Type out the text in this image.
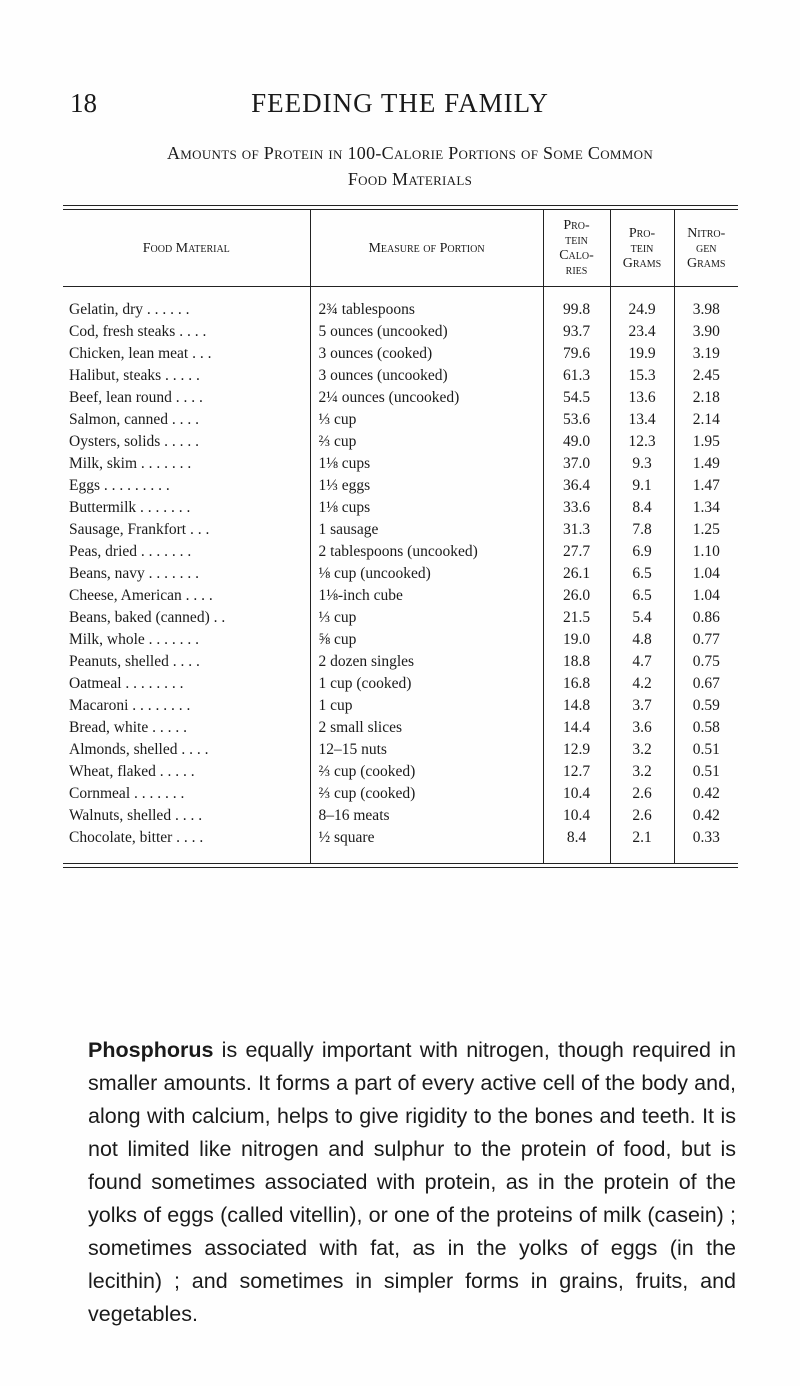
18	FEEDING THE FAMILY
Amounts of Protein in 100-Calorie Portions of Some Common
Food Materials
Food Material	Measure of Portion	Pro-
tein
Calo-
ries	Pro-
tein
Grams	Nitro-
gen
Grams

Gelatin, dry . . . . . .	2¾ tablespoons	99.8	24.9	3.98
Cod, fresh steaks . . . .	5 ounces (uncooked)	93.7	23.4	3.90
Chicken, lean meat . . .	3 ounces (cooked)	79.6	19.9	3.19
Halibut, steaks . . . . .	3 ounces (uncooked)	61.3	15.3	2.45
Beef, lean round . . . .	2¼ ounces (uncooked)	54.5	13.6	2.18
Salmon, canned . . . .	⅓ cup	53.6	13.4	2.14
Oysters, solids . . . . .	⅔ cup	49.0	12.3	1.95
Milk, skim . . . . . . .	1⅛ cups	37.0	9.3	1.49
Eggs . . . . . . . . .	1⅓ eggs	36.4	9.1	1.47
Buttermilk . . . . . . .	1⅛ cups	33.6	8.4	1.34
Sausage, Frankfort . . .	1 sausage	31.3	7.8	1.25
Peas, dried . . . . . . .	2 tablespoons (uncooked)	27.7	6.9	1.10
Beans, navy . . . . . . .	⅛ cup (uncooked)	26.1	6.5	1.04
Cheese, American . . . .	1⅛-inch cube	26.0	6.5	1.04
Beans, baked (canned) . .	⅓ cup	21.5	5.4	0.86
Milk, whole . . . . . . .	⅝ cup	19.0	4.8	0.77
Peanuts, shelled . . . .	2 dozen singles	18.8	4.7	0.75
Oatmeal . . . . . . . .	1 cup (cooked)	16.8	4.2	0.67
Macaroni . . . . . . . .	1 cup	14.8	3.7	0.59
Bread, white . . . . .	2 small slices	14.4	3.6	0.58
Almonds, shelled . . . .	12–15 nuts	12.9	3.2	0.51
Wheat, flaked . . . . .	⅔ cup (cooked)	12.7	3.2	0.51
Cornmeal . . . . . . .	⅔ cup (cooked)	10.4	2.6	0.42
Walnuts, shelled . . . .	8–16 meats	10.4	2.6	0.42
Chocolate, bitter . . . .	½ square	8.4	2.1	0.33

Phosphorus is equally important with nitrogen, though required in smaller amounts. It forms a part of every active cell of the body and, along with calcium, helps to give rigidity to the bones and teeth. It is not limited like nitrogen and sulphur to the protein of food, but is found sometimes associated with protein, as in the protein of the yolks of eggs (called vitellin), or one of the proteins of milk (casein) ; sometimes associated with fat, as in the yolks of eggs (in the lecithin) ; and sometimes in simpler forms in grains, fruits, and vegetables.
